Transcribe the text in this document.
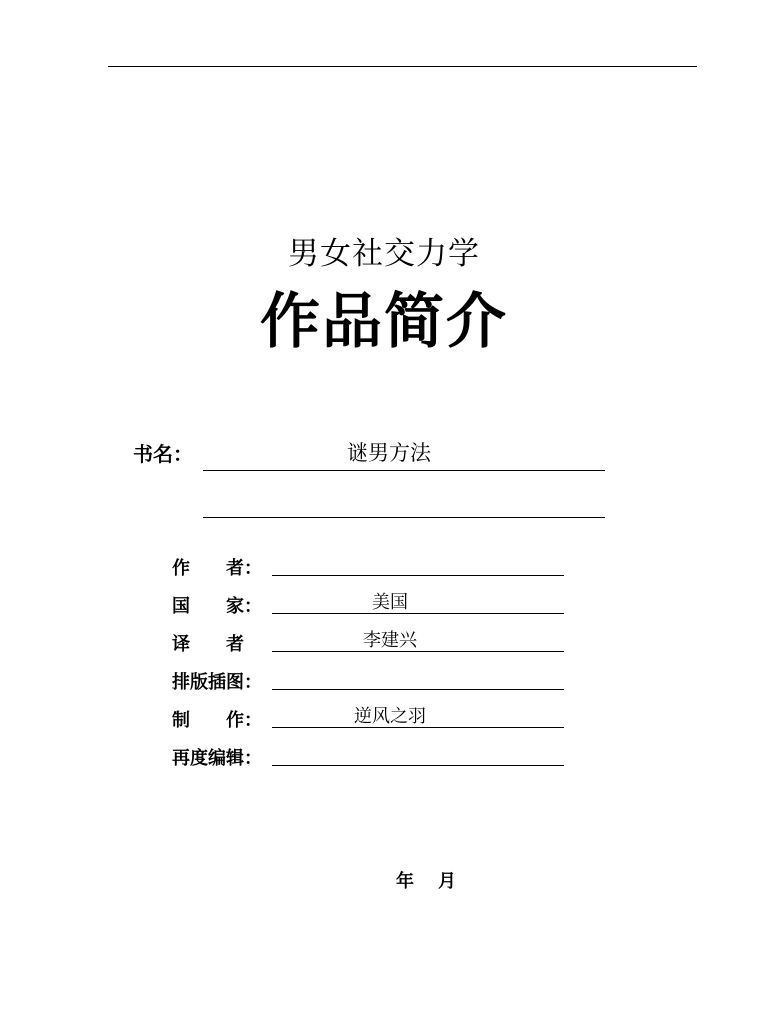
男女社交力学
作品简介
书名：	谜男方法
作　　者：
国　　家：	美国
译　　者	李建兴
排版插图：
制　　作：	逆风之羽
再度编辑：
年 月
